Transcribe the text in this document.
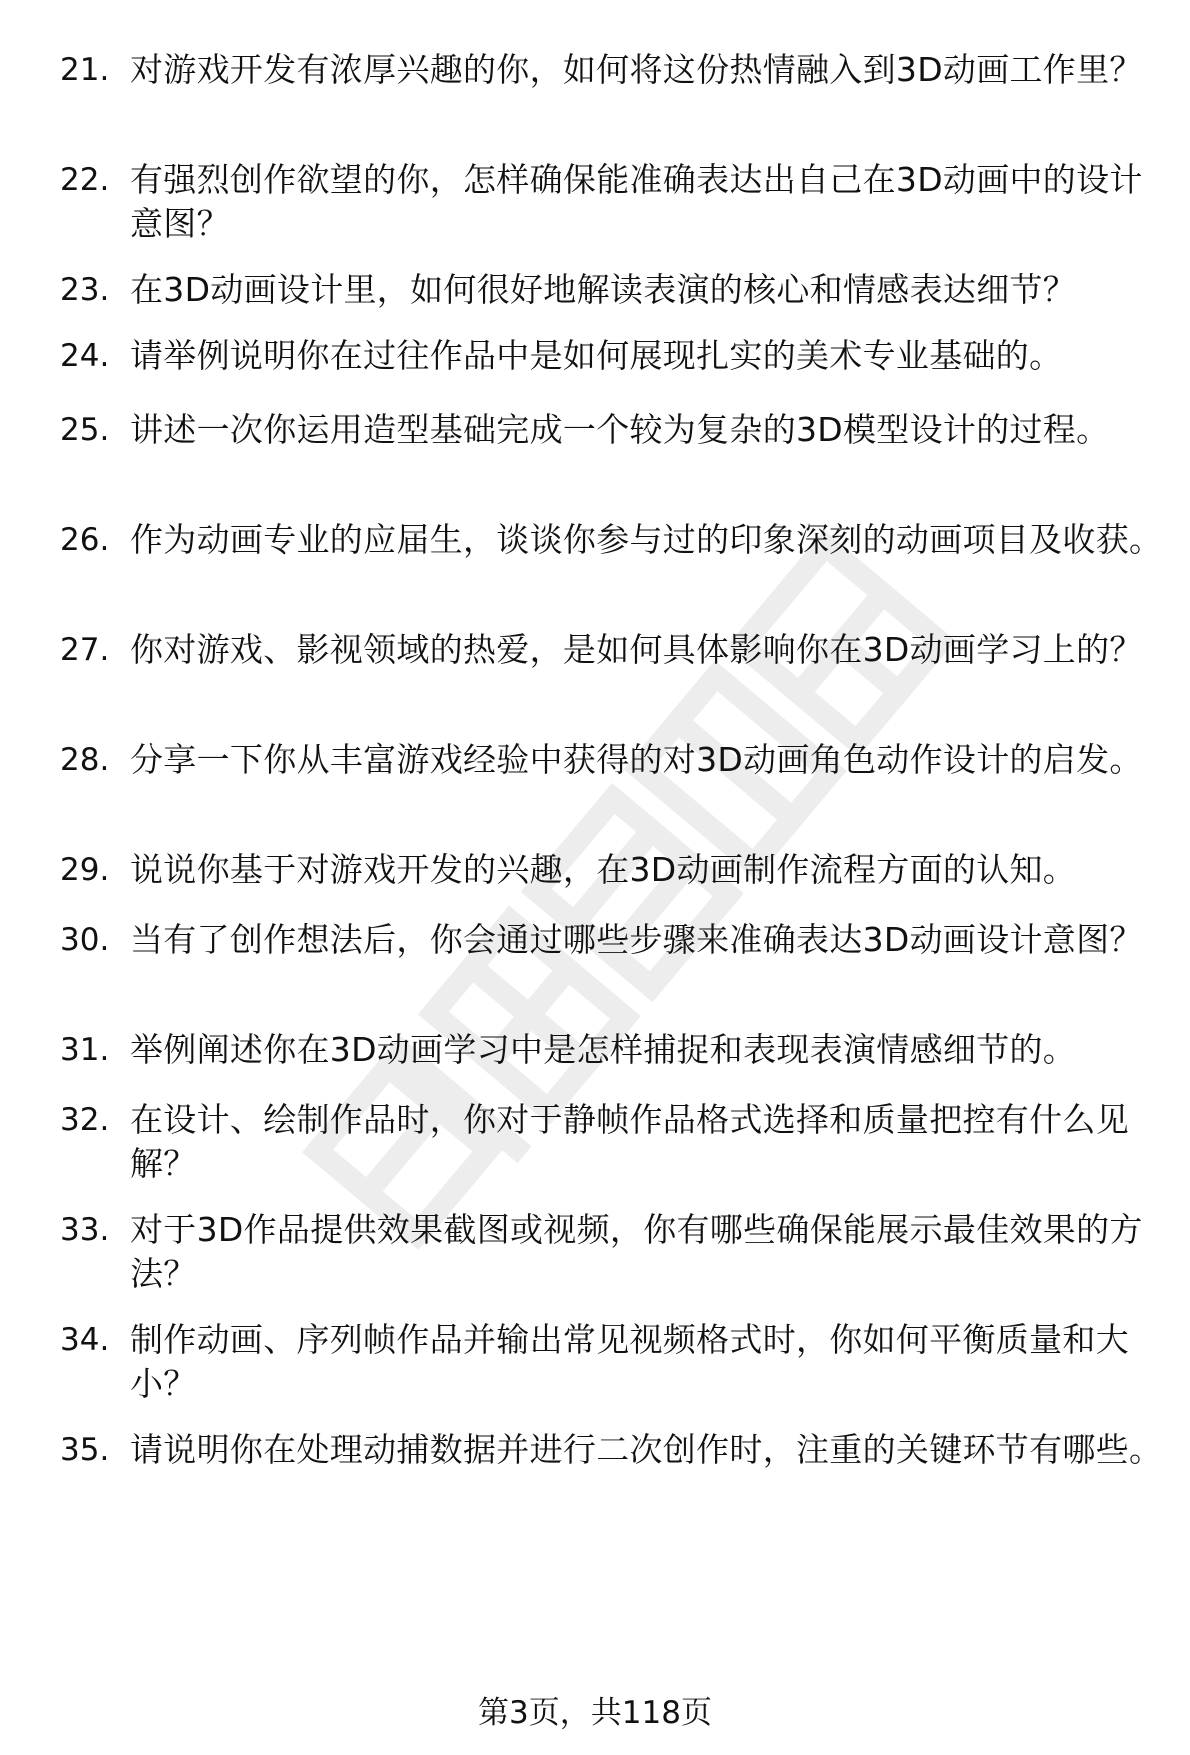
21. 对游戏开发有浓厚兴趣的你，如何将这份热情融入到3D动画工作里？
22. 有强烈创作欲望的你，怎样确保能准确表达出自己在3D动画中的设计意图？
23. 在3D动画设计里，如何很好地解读表演的核心和情感表达细节？
24. 请举例说明你在过往作品中是如何展现扎实的美术专业基础的。
25. 讲述一次你运用造型基础完成一个较为复杂的3D模型设计的过程。
26. 作为动画专业的应届生，谈谈你参与过的印象深刻的动画项目及收获。
27. 你对游戏、影视领域的热爱，是如何具体影响你在3D动画学习上的？
28. 分享一下你从丰富游戏经验中获得的对3D动画角色动作设计的启发。
29. 说说你基于对游戏开发的兴趣，在3D动画制作流程方面的认知。
30. 当有了创作想法后，你会通过哪些步骤来准确表达3D动画设计意图？
31. 举例阐述你在3D动画学习中是怎样捕捉和表现表演情感细节的。
32. 在设计、绘制作品时，你对于静帧作品格式选择和质量把控有什么见解？
33. 对于3D作品提供效果截图或视频，你有哪些确保能展示最佳效果的方法？
34. 制作动画、序列帧作品并输出常见视频格式时，你如何平衡质量和大小？
35. 请说明你在处理动捕数据并进行二次创作时，注重的关键环节有哪些。
第3页，共118页
